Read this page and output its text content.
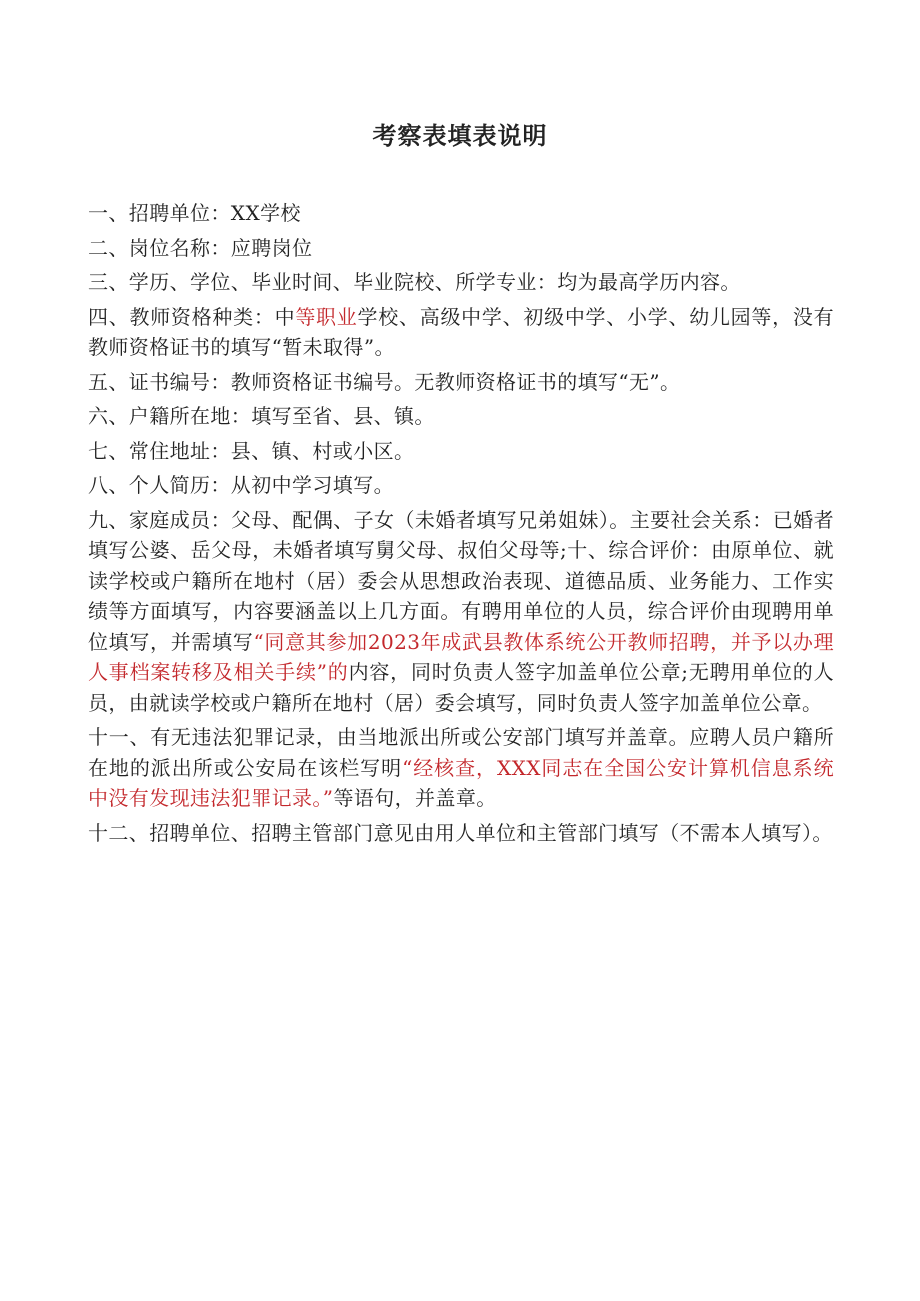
考察表填表说明

一、招聘单位：XX学校

二、岗位名称：应聘岗位

三、学历、学位、毕业时间、毕业院校、所学专业：均为最高学历内容。

四、教师资格种类：中等职业学校、高级中学、初级中学、小学、幼儿园等，没有教师资格证书的填写“暂未取得”。

五、证书编号：教师资格证书编号。无教师资格证书的填写“无”。

六、户籍所在地：填写至省、县、镇。

七、常住地址：县、镇、村或小区。

八、个人简历：从初中学习填写。

九、家庭成员：父母、配偶、子女（未婚者填写兄弟姐妹）。主要社会关系：已婚者填写公婆、岳父母，未婚者填写舅父母、叔伯父母等;十、综合评价：由原单位、就读学校或户籍所在地村（居）委会从思想政治表现、道德品质、业务能力、工作实绩等方面填写，内容要涵盖以上几方面。有聘用单位的人员，综合评价由现聘用单位填写，并需填写“同意其参加2023年成武县教体系统公开教师招聘，并予以办理人事档案转移及相关手续”的内容，同时负责人签字加盖单位公章;无聘用单位的人员，由就读学校或户籍所在地村（居）委会填写，同时负责人签字加盖单位公章。

十一、有无违法犯罪记录，由当地派出所或公安部门填写并盖章。应聘人员户籍所在地的派出所或公安局在该栏写明“经核查，XXX同志在全国公安计算机信息系统中没有发现违法犯罪记录。”等语句，并盖章。

十二、招聘单位、招聘主管部门意见由用人单位和主管部门填写（不需本人填写）。
